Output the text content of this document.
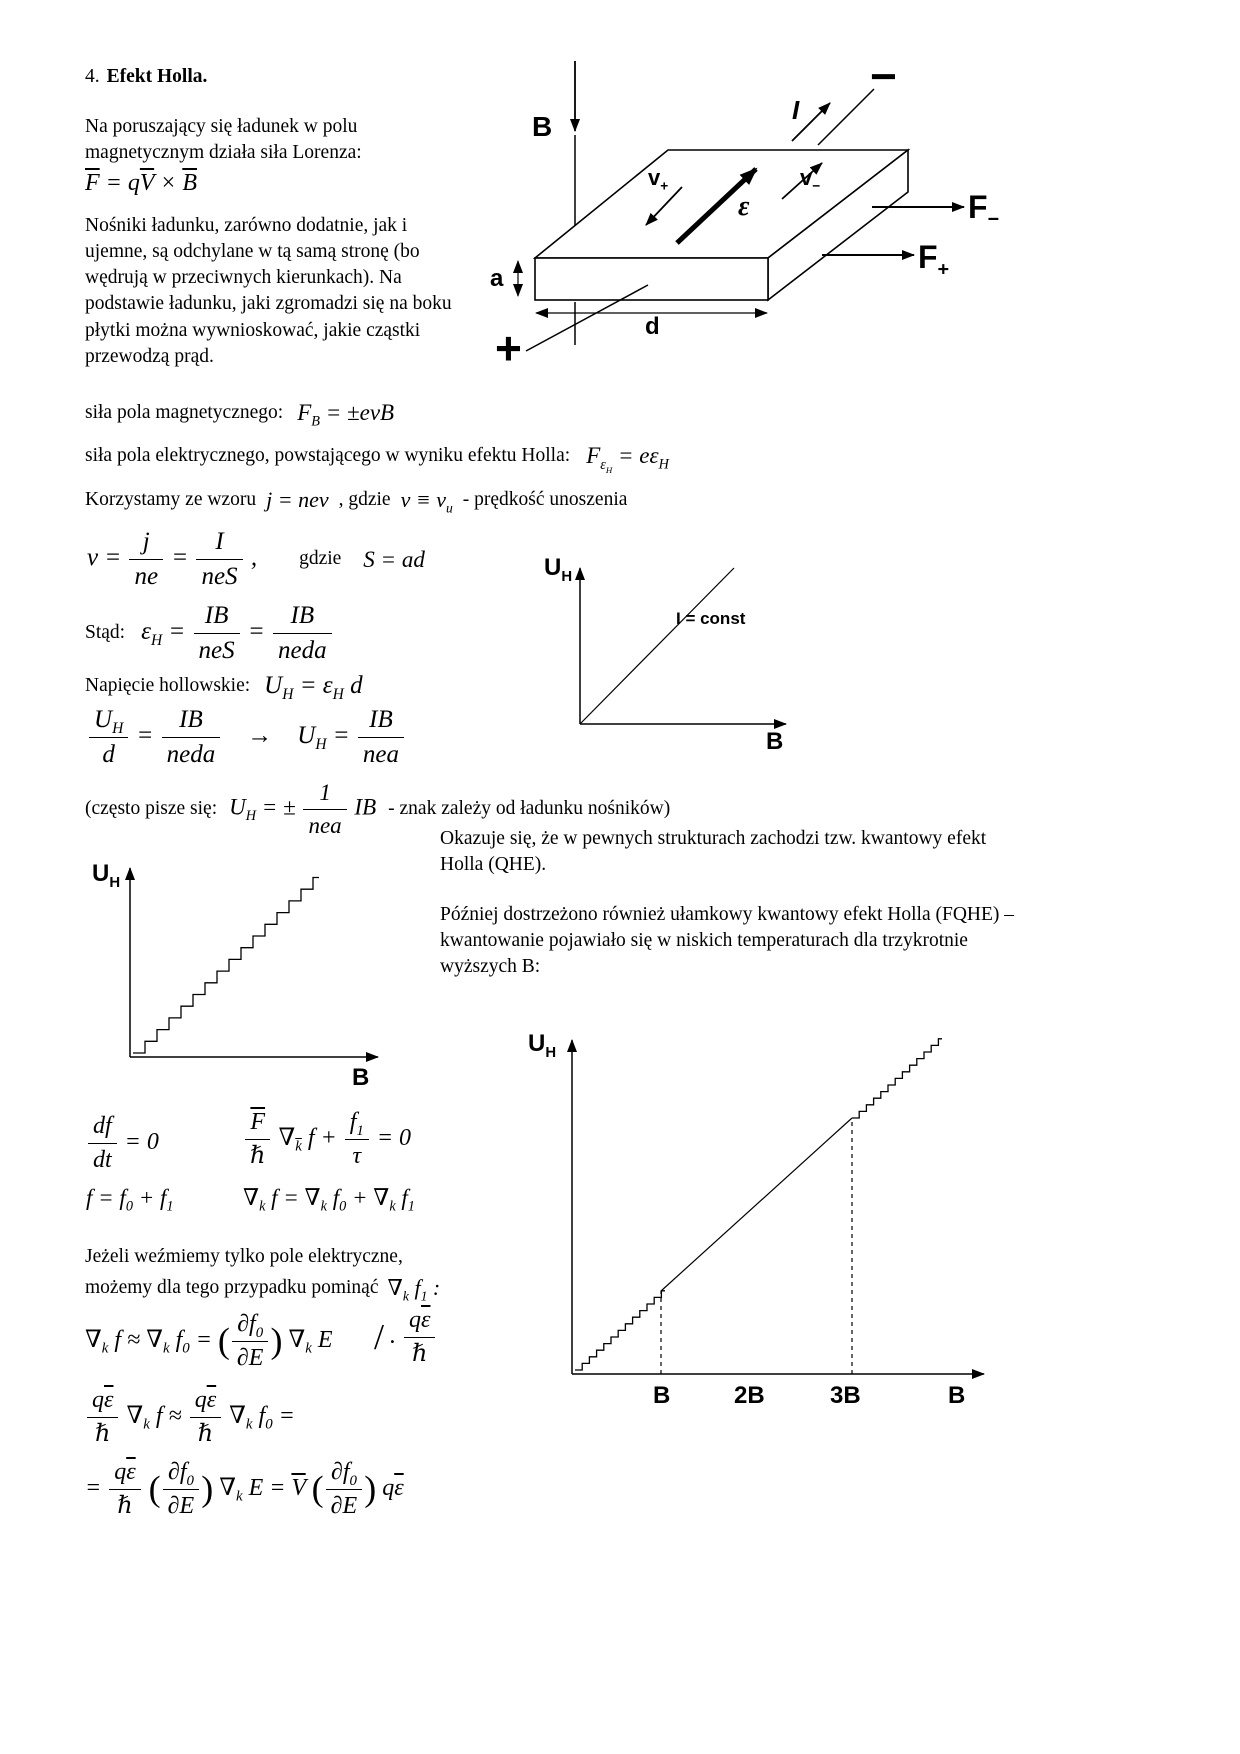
4. Efekt Holla.
Na poruszający się ładunek w polu magnetycznym działa siła Lorenza:
$\overline{F} = q\overline{V} \times \overline{B}$
Nośniki ładunku, zarówno dodatnie, jak i ujemne, są odchylane w tą samą stronę (bo wędrują w przeciwnych kierunkach). Na podstawie ładunku, jaki zgromadzi się na boku płytki można wywnioskować, jakie cząstki przewodzą prąd.
B
I
−
$v_+$	$v_-$
ε	$F_-$
$F_+$
a
d
+
siła pola magnetycznego: $F_B = \pm evB$
siła pola elektrycznego, powstającego w wyniku efektu Holla: $F_{\varepsilon_H} = e\varepsilon_H$
Korzystamy ze wzoru j = nev , gdzie $v \equiv v_u$ - prędkość unoszenia
$v = \frac{j}{ne} = \frac{I}{\text{neS}}$ , gdzie S = ad
Stąd: $\varepsilon_H = \frac{IB}{\text{neS}} = \frac{IB}{\text{neda}}$
Napięcie hollowskie: $U_H = \varepsilon_H$ d
$\frac{U_H}{d} = \frac{IB}{\text{neda}}$ →    $U_H = \frac{IB}{\text{nea}}$
(często pisze się: $U_H$ = ± $\frac{1}{\text{nea}}$ IB - znak zależy od ładunku nośników)
$U_H$
B
I = const
Okazuje się, że w pewnych strukturach zachodzi tzw. kwantowy efekt Holla (QHE).
Później dostrzeżono również ułamkowy kwantowy efekt Holla (FQHE) – kwantowanie pojawiało się w niskich temperaturach dla trzykrotnie wyższych B:
$U_H$
B
$\frac{df}{dt} = 0$	$\frac{\overline{F}}{\text{ℏ}} \nabla_{\overline{k}}$ $f + \frac{f_1}{\tau} = 0$
$f = f_0 + f_1$	$\nabla_k$ $f = \nabla_k$ $f_0 + \nabla_k$ $f_1$
Jeżeli weźmiemy tylko pole elektryczne,
możemy dla tego przypadku pominąć $\nabla_k$ $f_1$ :
$\nabla_k$ $f \approx \nabla_k$ $f_0$ = ( $\frac{\partial f_0}{\partial E}$ ) $\nabla_k$ E / . $\frac{q\overline{\varepsilon}}{\text{ℏ}}$
$\frac{q\overline{\varepsilon}}{\text{ℏ}} \nabla_k$ $f \approx \frac{q\overline{\varepsilon}}{\text{ℏ}} \nabla_k$ $f_0$ =
= $\frac{q\overline{\varepsilon}}{\text{ℏ}}$ ( $\frac{\partial f_0}{\partial E}$ ) $\nabla_k$ $E = \overline{V}$ ( $\frac{\partial f_0}{\partial E}$ ) $q\overline{\varepsilon}$
$U_H$
B	2B	3B	B
